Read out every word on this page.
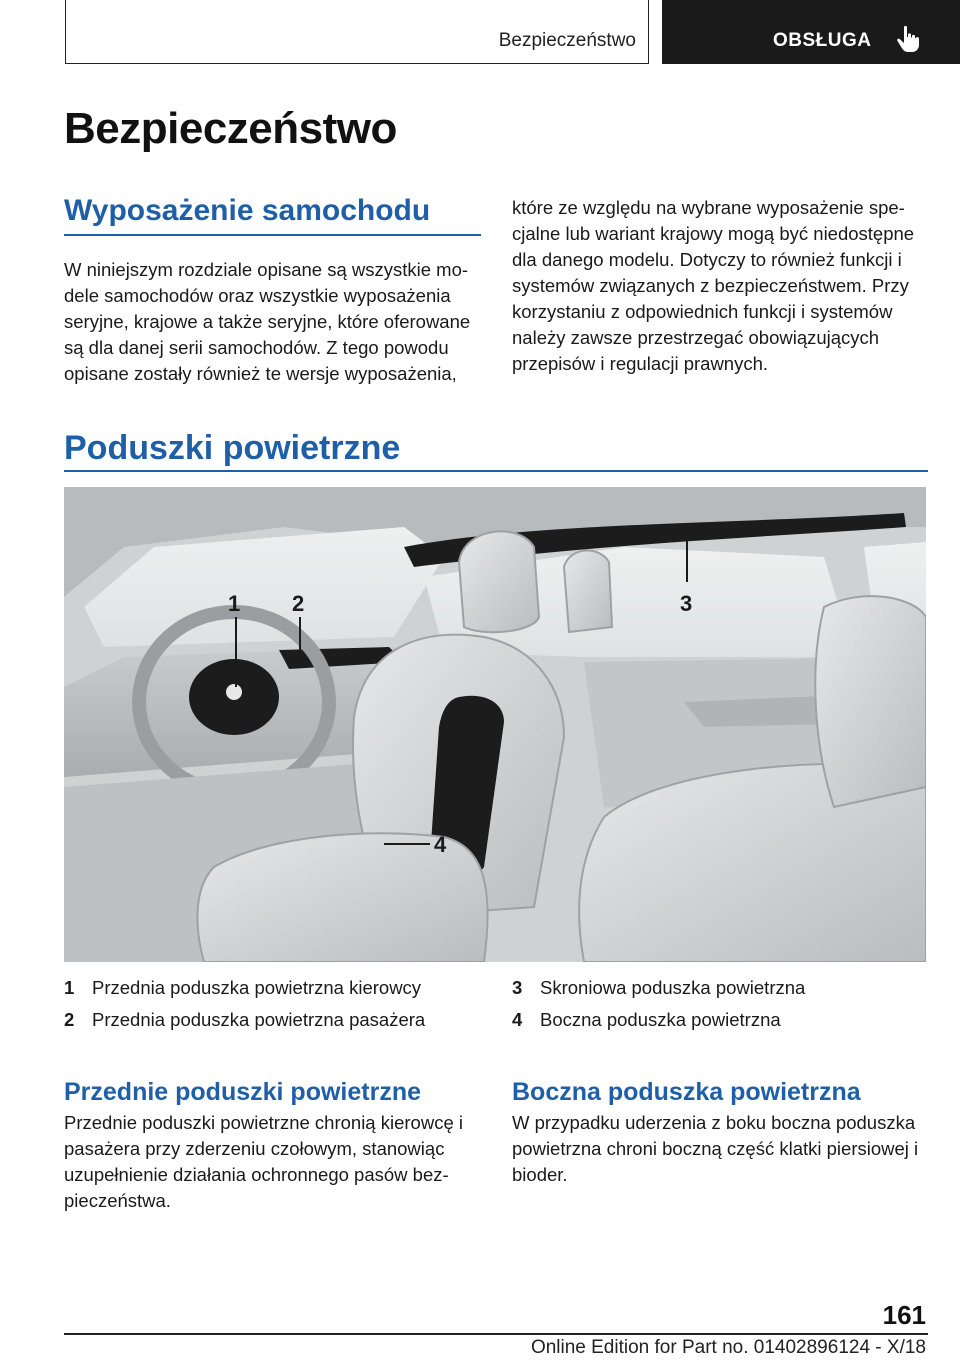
Bezpieczeństwo	OBSŁUGA
Bezpieczeństwo
Wyposażenie samochodu

W niniejszym rozdziale opisane są wszystkie modele samochodów oraz wszystkie wyposażenia seryjne, krajowe a także seryjne, które oferowane są dla danej serii samochodów. Z tego powodu opisane zostały również te wersje wyposażenia,

które ze względu na wybrane wyposażenie specjalne lub wariant krajowy mogą być niedostępne dla danego modelu. Dotyczy to również funkcji i systemów związanych z bezpieczeństwem. Przy korzystaniu z odpowiednich funkcji i systemów należy zawsze przestrzegać obowiązujących przepisów i regulacji prawnych.

Poduszki powietrzne
1 2	3
4
1 Przednia poduszka powietrzna kierowcy
2 Przednia poduszka powietrzna pasażera
3 Skroniowa poduszka powietrzna
4 Boczna poduszka powietrzna
Przednie poduszki powietrzne

Przednie poduszki powietrzne chronią kierowcę i pasażera przy zderzeniu czołowym, stanowiąc uzupełnienie działania ochronnego pasów bezpieczeństwa.

Boczna poduszka powietrzna

W przypadku uderzenia z boku boczna poduszka powietrzna chroni boczną część klatki piersiowej i bioder.

161
Online Edition for Part no. 01402896124 - X/18
